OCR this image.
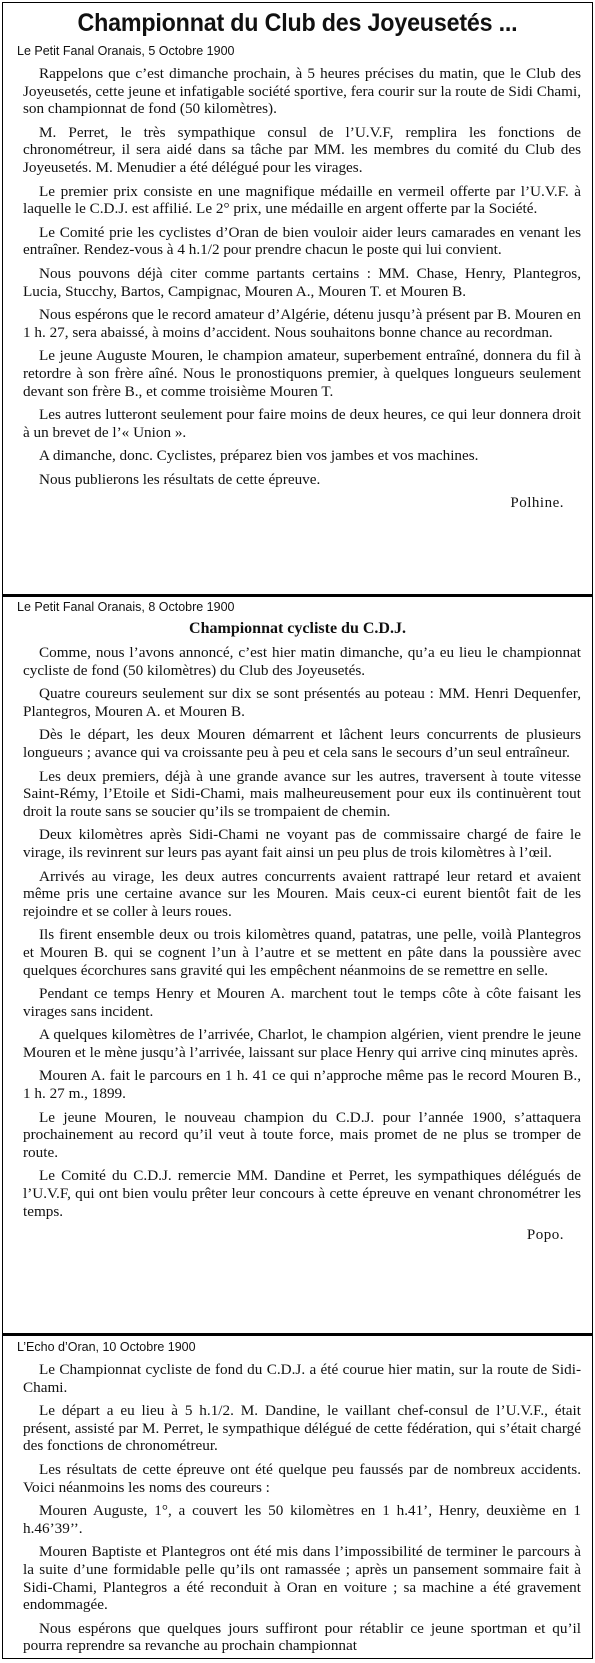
Championnat du Club des Joyeusetés ...
Le Petit Fanal Oranais, 5 Octobre 1900

Rappelons que c’est dimanche prochain, à 5 heures précises du matin, que le Club des Joyeusetés, cette jeune et infatigable société sportive, fera courir sur la route de Sidi Chami, son championnat de fond (50 kilomètres).

M. Perret, le très sympathique consul de l’U.V.F, remplira les fonctions de chronométreur, il sera aidé dans sa tâche par MM. les membres du comité du Club des Joyeusetés. M. Menudier a été délégué pour les virages.

Le premier prix consiste en une magnifique médaille en vermeil offerte par l’U.V.F. à laquelle le C.D.J. est affilié. Le 2° prix, une médaille en argent offerte par la Société.

Le Comité prie les cyclistes d’Oran de bien vouloir aider leurs camarades en venant les entraîner. Rendez-vous à 4 h.1/2 pour prendre chacun le poste qui lui convient.

Nous pouvons déjà citer comme partants certains : MM. Chase, Henry, Plantegros, Lucia, Stucchy, Bartos, Campignac, Mouren A., Mouren T. et Mouren B.

Nous espérons que le record amateur d’Algérie, détenu jusqu’à présent par B. Mouren en 1 h. 27, sera abaissé, à moins d’accident. Nous souhaitons bonne chance au recordman.

Le jeune Auguste Mouren, le champion amateur, superbement entraîné, donnera du fil à retordre à son frère aîné. Nous le pronostiquons premier, à quelques longueurs seulement devant son frère B., et comme troisième Mouren T.

Les autres lutteront seulement pour faire moins de deux heures, ce qui leur donnera droit à un brevet de l’« Union ».

A dimanche, donc. Cyclistes, préparez bien vos jambes et vos machines.

Nous publierons les résultats de cette épreuve.

Polhine.
Le Petit Fanal Oranais, 8 Octobre 1900
Championnat cycliste du C.D.J.

Comme, nous l’avons annoncé, c’est hier matin dimanche, qu’a eu lieu le championnat cycliste de fond (50 kilomètres) du Club des Joyeusetés.

Quatre coureurs seulement sur dix se sont présentés au poteau : MM. Henri Dequenfer, Plantegros, Mouren A. et Mouren B.

Dès le départ, les deux Mouren démarrent et lâchent leurs concurrents de plusieurs longueurs ; avance qui va croissante peu à peu et cela sans le secours d’un seul entraîneur.

Les deux premiers, déjà à une grande avance sur les autres, traversent à toute vitesse Saint-Rémy, l’Etoile et Sidi-Chami, mais malheureusement pour eux ils continuèrent tout droit la route sans se soucier qu’ils se trompaient de chemin.

Deux kilomètres après Sidi-Chami ne voyant pas de commissaire chargé de faire le virage, ils revinrent sur leurs pas ayant fait ainsi un peu plus de trois kilomètres à l’œil.

Arrivés au virage, les deux autres concurrents avaient rattrapé leur retard et avaient même pris une certaine avance sur les Mouren. Mais ceux-ci eurent bientôt fait de les rejoindre et se coller à leurs roues.

Ils firent ensemble deux ou trois kilomètres quand, patatras, une pelle, voilà Plantegros et Mouren B. qui se cognent l’un à l’autre et se mettent en pâte dans la poussière avec quelques écorchures sans gravité qui les empêchent néanmoins de se remettre en selle.

Pendant ce temps Henry et Mouren A. marchent tout le temps côte à côte faisant les virages sans incident.

A quelques kilomètres de l’arrivée, Charlot, le champion algérien, vient prendre le jeune Mouren et le mène jusqu’à l’arrivée, laissant sur place Henry qui arrive cinq minutes après.

Mouren A. fait le parcours en 1 h. 41 ce qui n’approche même pas le record Mouren B., 1 h. 27 m., 1899.

Le jeune Mouren, le nouveau champion du C.D.J. pour l’année 1900, s’attaquera prochainement au record qu’il veut à toute force, mais promet de ne plus se tromper de route.

Le Comité du C.D.J. remercie MM. Dandine et Perret, les sympathiques délégués de l’U.V.F, qui ont bien voulu prêter leur concours à cette épreuve en venant chronométrer les temps.

Popo.
L’Echo d’Oran, 10 Octobre 1900

Le Championnat cycliste de fond du C.D.J. a été courue hier matin, sur la route de Sidi-Chami.

Le départ a eu lieu à 5 h.1/2. M. Dandine, le vaillant chef-consul de l’U.V.F., était présent, assisté par M. Perret, le sympathique délégué de cette fédération, qui s’était chargé des fonctions de chronométreur.

Les résultats de cette épreuve ont été quelque peu faussés par de nombreux accidents. Voici néanmoins les noms des coureurs :

Mouren Auguste, 1°, a couvert les 50 kilomètres en 1 h.41’, Henry, deuxième en 1 h.46’39’’.

Mouren Baptiste et Plantegros ont été mis dans l’impossibilité de terminer le parcours à la suite d’une formidable pelle qu’ils ont ramassée ; après un pansement sommaire fait à Sidi-Chami, Plantegros a été reconduit à Oran en voiture ; sa machine a été gravement endommagée.

Nous espérons que quelques jours suffiront pour rétablir ce jeune sportman et qu’il pourra reprendre sa revanche au prochain championnat
